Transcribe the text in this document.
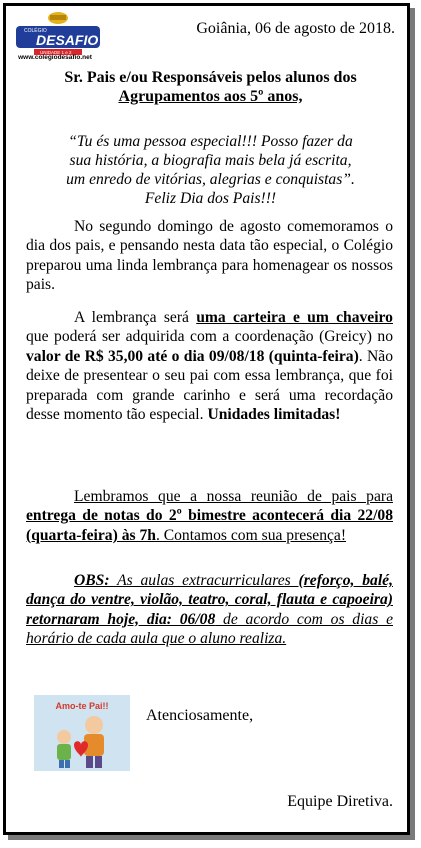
COLÉGIO
DESAFIO
UNIDADE 1 e 2
www.colegiodesafio.net
Goiânia, 06 de agosto de 2018.
Sr. Pais e/ou Responsáveis pelos alunos dos
Agrupamentos aos 5º anos,
“Tu és uma pessoa especial!!! Posso fazer da
sua história, a biografia mais bela já escrita,
um enredo de vitórias, alegrias e conquistas”.
Feliz Dia dos Pais!!!

No segundo domingo de agosto comemoramos o dia dos pais, e pensando nesta data tão especial, o Colégio preparou uma linda lembrança para homenagear os nossos pais.

A lembrança será uma carteira e um chaveiro que poderá ser adquirida com a coordenação (Greicy) no valor de R$ 35,00 até o dia 09/08/18 (quinta-feira). Não deixe de presentear o seu pai com essa lembrança, que foi preparada com grande carinho e será uma recordação desse momento tão especial. Unidades limitadas!

Lembramos que a nossa reunião de pais para entrega de notas do 2º bimestre acontecerá dia 22/08 (quarta-feira) às 7h. Contamos com sua presença!

OBS: As aulas extracurriculares (reforço, balé, dança do ventre, violão, teatro, coral, flauta e capoeira) retornaram hoje, dia: 06/08 de acordo com os dias e horário de cada aula que o aluno realiza.

Amo-te Pai!!
Atenciosamente,
Equipe Diretiva.
